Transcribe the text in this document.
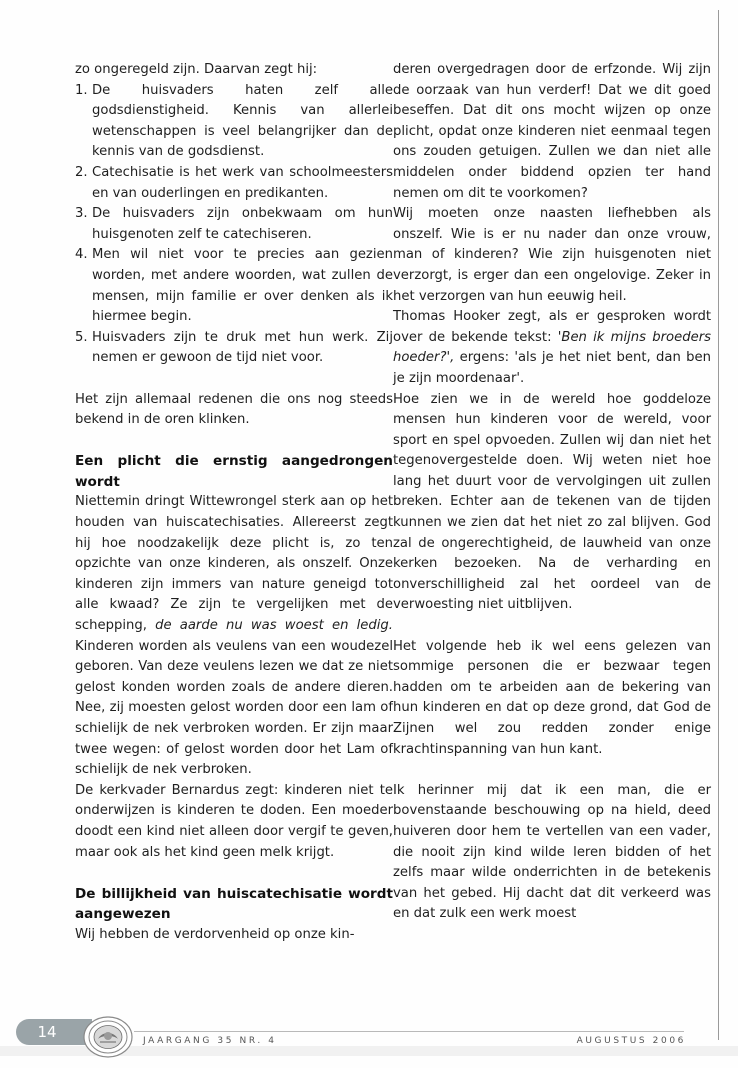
zo ongeregeld zijn. Daarvan zegt hij:

1. De huisvaders haten zelf alle godsdienstigheid. Kennis van allerlei wetenschappen is veel belangrijker dan de kennis van de godsdienst.
2. Catechisatie is het werk van schoolmeesters en van ouderlingen en predikanten.
3. De huisvaders zijn onbekwaam om hun huisgenoten zelf te catechiseren.
4. Men wil niet voor te precies aan gezien worden, met andere woorden, wat zullen de mensen, mijn familie er over denken als ik hiermee begin.
5. Huisvaders zijn te druk met hun werk. Zij nemen er gewoon de tijd niet voor.

Het zijn allemaal redenen die ons nog steeds bekend in de oren klinken.

Een plicht die ernstig aangedrongen wordt

Niettemin dringt Wittewrongel sterk aan op het houden van huiscatechisaties. Allereerst zegt hij hoe noodzakelijk deze plicht is, zo ten opzichte van onze kinderen, als onszelf. Onze kinderen zijn immers van nature geneigd tot alle kwaad? Ze zijn te vergelijken met de schepping, de aarde nu was woest en ledig. Kinderen worden als veulens van een woudezel geboren. Van deze veulens lezen we dat ze niet gelost konden worden zoals de andere dieren. Nee, zij moesten gelost worden door een lam of schielijk de nek verbroken worden. Er zijn maar twee wegen: of gelost worden door het Lam of schielijk de nek verbroken.

De kerkvader Bernardus zegt: kinderen niet te onderwijzen is kinderen te doden. Een moeder doodt een kind niet alleen door vergif te geven, maar ook als het kind geen melk krijgt.

De billijkheid van huiscatechisatie wordt aangewezen

Wij hebben de verdorvenheid op onze kin-

deren overgedragen door de erfzonde. Wij zijn de oorzaak van hun verderf! Dat we dit goed beseffen. Dat dit ons mocht wijzen op onze plicht, opdat onze kinderen niet eenmaal tegen ons zouden getuigen. Zullen we dan niet alle middelen onder biddend opzien ter hand nemen om dit te voorkomen?

Wij moeten onze naasten liefhebben als onszelf. Wie is er nu nader dan onze vrouw, man of kinderen? Wie zijn huisgenoten niet verzorgt, is erger dan een ongelovige. Zeker in het verzorgen van hun eeuwig heil.

Thomas Hooker zegt, als er gesproken wordt over de bekende tekst: 'Ben ik mijns broeders hoeder?', ergens: 'als je het niet bent, dan ben je zijn moordenaar'.

Hoe zien we in de wereld hoe goddeloze mensen hun kinderen voor de wereld, voor sport en spel opvoeden. Zullen wij dan niet het tegenovergestelde doen. Wij weten niet hoe lang het duurt voor de vervolgingen uit zullen breken. Echter aan de tekenen van de tijden kunnen we zien dat het niet zo zal blijven. God zal de ongerechtigheid, de lauwheid van onze kerken bezoeken. Na de verharding en onverschilligheid zal het oordeel van de verwoesting niet uitblijven.

Het volgende heb ik wel eens gelezen van sommige personen die er bezwaar tegen hadden om te arbeiden aan de bekering van hun kinderen en dat op deze grond, dat God de Zijnen wel zou redden zonder enige krachtinspanning van hun kant.

Ik herinner mij dat ik een man, die er bovenstaande beschouwing op na hield, deed huiveren door hem te vertellen van een vader, die nooit zijn kind wilde leren bidden of het zelfs maar wilde onderrichten in de betekenis van het gebed. Hij dacht dat dit verkeerd was en dat zulk een werk moest

14	JAARGANG 35 NR. 4	AUGUSTUS 2006
